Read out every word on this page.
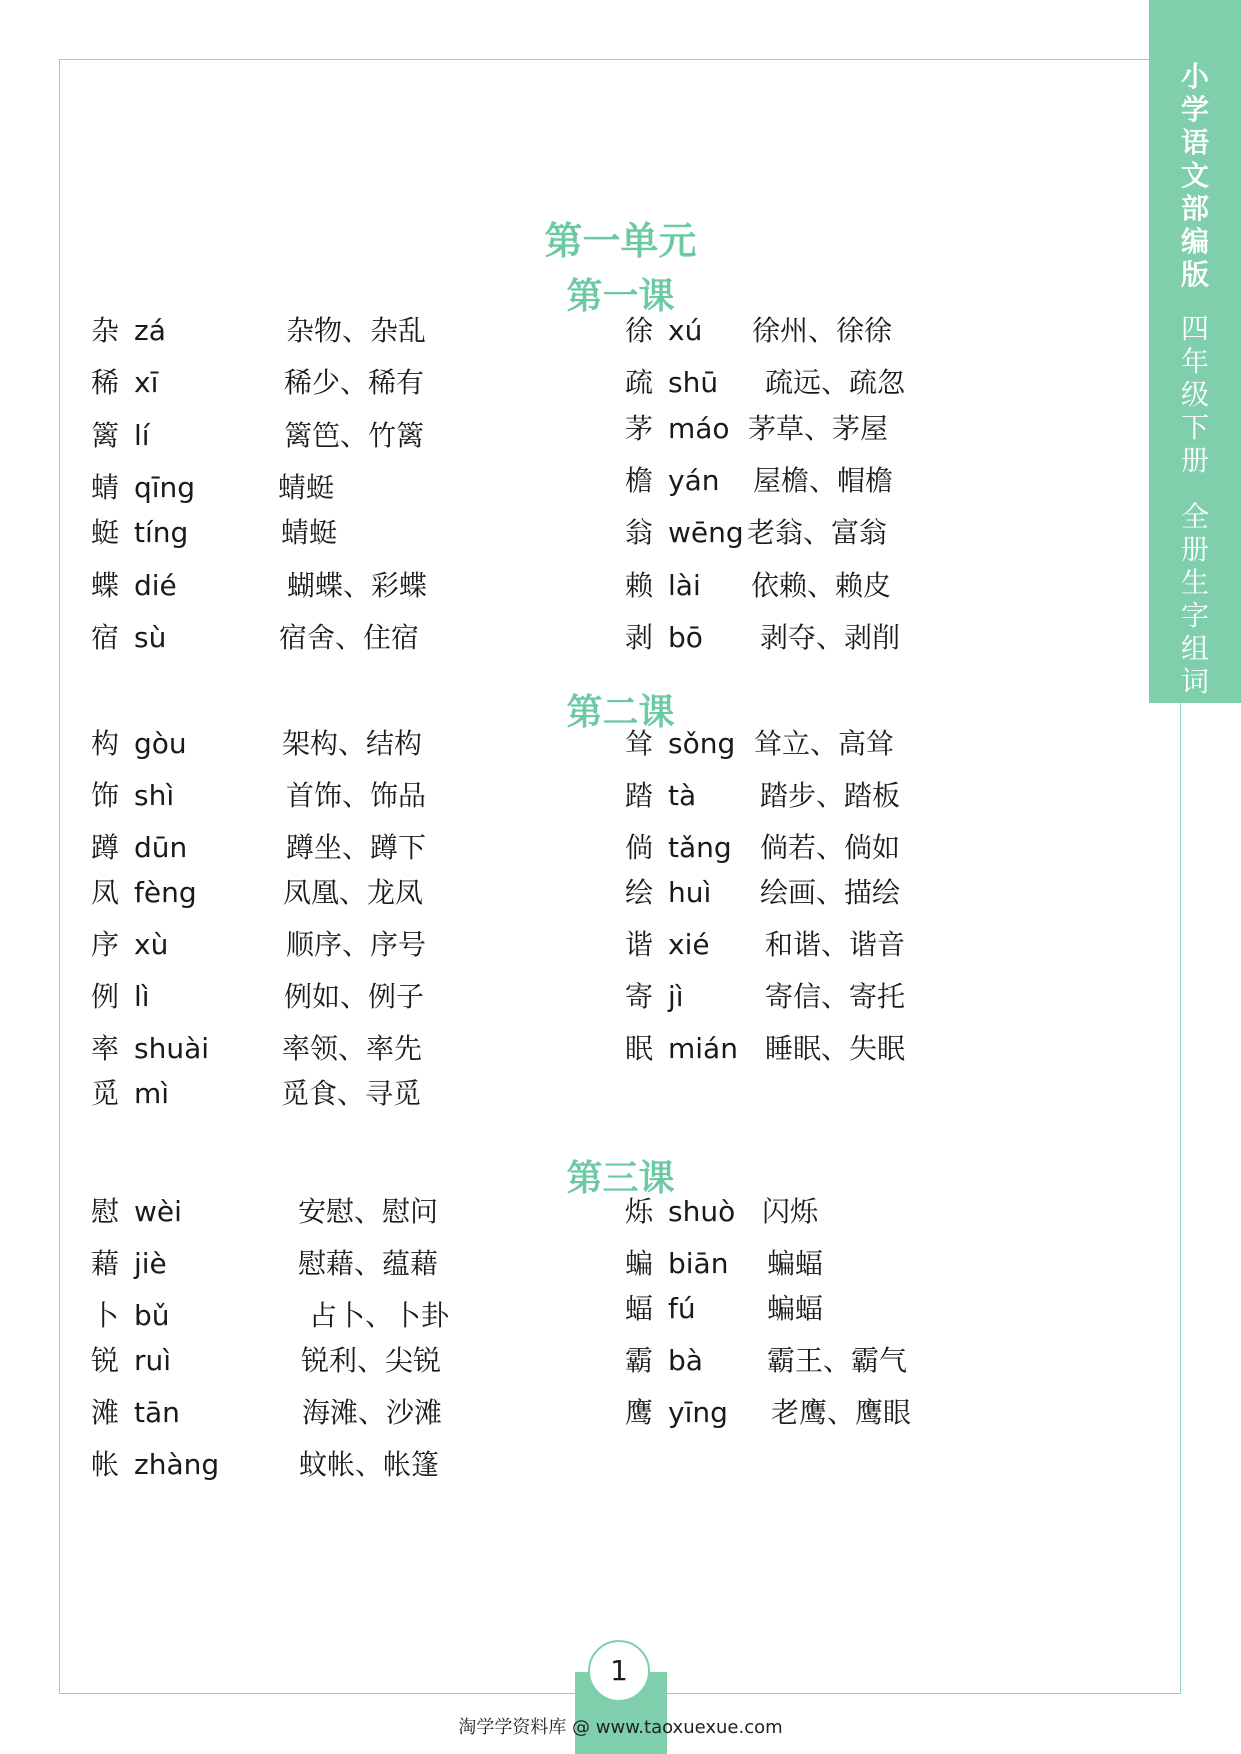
小
学
语
文
部
编
版
四
年
级
下
册
全
册
生
字
组
词
第一单元
第一课
杂 zá	杂物、杂乱
稀 xī	稀少、稀有
篱 lí	篱笆、竹篱
蜻 qīng	蜻蜓
蜓 tíng	蜻蜓
蝶 dié	蝴蝶、彩蝶
宿 sù	宿舍、住宿
徐 xú 徐州、徐徐
疏 shū 疏远、疏忽
茅 máo 茅草、茅屋
檐 yán 屋檐、帽檐
翁 wēng 老翁、富翁
赖 lài 依赖、赖皮
剥 bō 剥夺、剥削
第二课
构 gòu	架构、结构
饰 shì	首饰、饰品
蹲 dūn	蹲坐、蹲下
凤 fèng	凤凰、龙凤
序 xù	顺序、序号
例 lì	例如、例子
率 shuài	率领、率先
觅 mì	觅食、寻觅
耸 sǒng 耸立、高耸
踏 tà 踏步、踏板
倘 tǎng 倘若、倘如
绘 huì 绘画、描绘
谐 xié 和谐、谐音
寄 jì	寄信、寄托
眠 mián 睡眠、失眠
第三课
慰 wèi	安慰、慰问
藉 jiè	慰藉、蕴藉
卜 bǔ	占卜、卜卦
锐 ruì	锐利、尖锐
滩 tān	海滩、沙滩
帐 zhàng	蚊帐、帐篷
烁 shuò 闪烁
蝙 biān 蝙蝠
蝠 fú	蝙蝠
霸 bà 霸王、霸气
鹰 yīng 老鹰、鹰眼
1
淘学学资料库 @ www.taoxuexue.com
